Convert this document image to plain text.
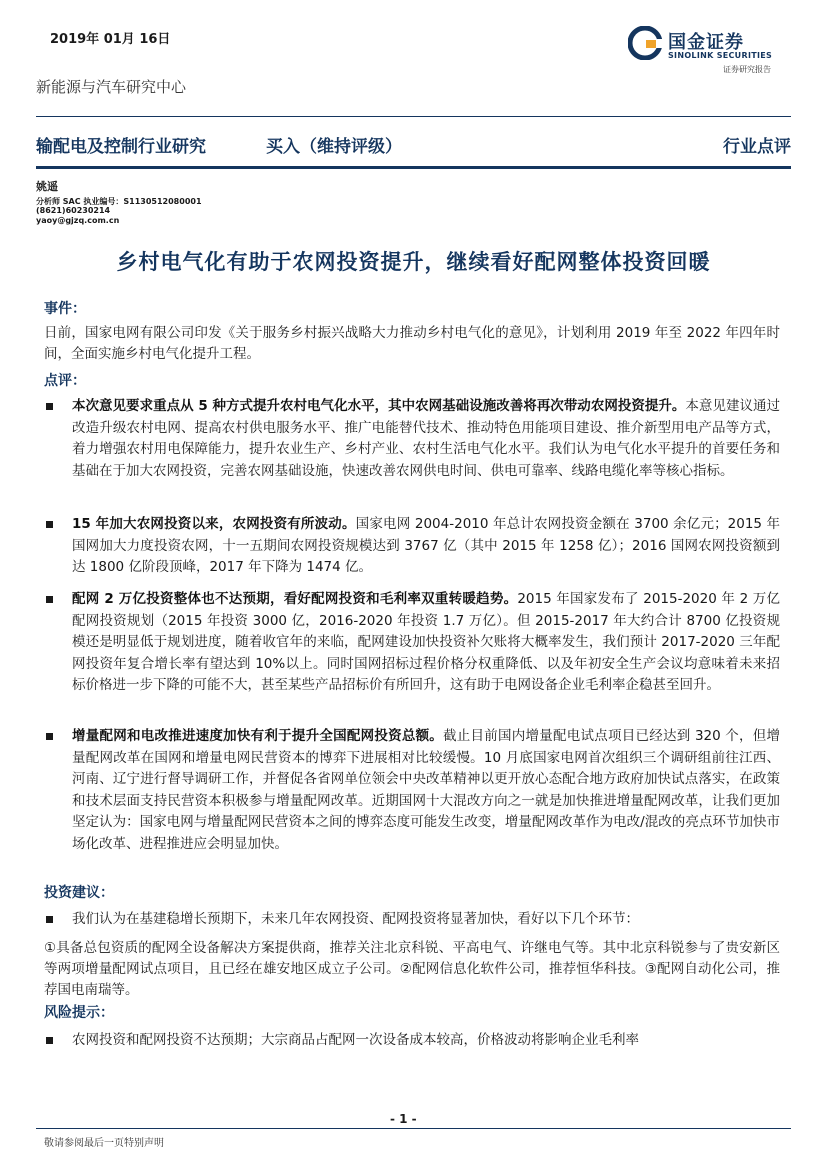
2019年 01月 16日	国金证券
SINOLINK SECURITIES
证券研究报告
新能源与汽车研究中心
输配电及控制行业研究	买入（维持评级）	行业点评
姚遥
分析师 SAC 执业编号：S1130512080001
(8621)60230214
yaoy@gjzq.com.cn
乡村电气化有助于农网投资提升，继续看好配网整体投资回暖
事件：
日前，国家电网有限公司印发《关于服务乡村振兴战略大力推动乡村电气化的意见》，计划利用 2019 年至 2022 年四年时间，全面实施乡村电气化提升工程。
点评：
本次意见要求重点从 5 种方式提升农村电气化水平，其中农网基础设施改善将再次带动农网投资提升。本意见建议通过改造升级农村电网、提高农村供电服务水平、推广电能替代技术、推动特色用能项目建设、推介新型用电产品等方式，着力增强农村用电保障能力，提升农业生产、乡村产业、农村生活电气化水平。我们认为电气化水平提升的首要任务和基础在于加大农网投资，完善农网基础设施，快速改善农网供电时间、供电可靠率、线路电缆化率等核心指标。
15 年加大农网投资以来，农网投资有所波动。国家电网 2004-2010 年总计农网投资金额在 3700 余亿元；2015 年国网加大力度投资农网，十一五期间农网投资规模达到 3767 亿（其中 2015 年 1258 亿）；2016 国网农网投资额到达 1800 亿阶段顶峰，2017 年下降为 1474 亿。
配网 2 万亿投资整体也不达预期，看好配网投资和毛利率双重转暖趋势。2015 年国家发布了 2015-2020 年 2 万亿配网投资规划（2015 年投资 3000 亿，2016-2020 年投资 1.7 万亿）。但 2015-2017 年大约合计 8700 亿投资规模还是明显低于规划进度，随着收官年的来临，配网建设加快投资补欠账将大概率发生，我们预计 2017-2020 三年配网投资年复合增长率有望达到 10%以上。同时国网招标过程价格分权重降低、以及年初安全生产会议均意味着未来招标价格进一步下降的可能不大，甚至某些产品招标价有所回升，这有助于电网设备企业毛利率企稳甚至回升。
增量配网和电改推进速度加快有利于提升全国配网投资总额。截止目前国内增量配电试点项目已经达到 320 个，但增量配网改革在国网和增量电网民营资本的博弈下进展相对比较缓慢。10 月底国家电网首次组织三个调研组前往江西、河南、辽宁进行督导调研工作，并督促各省网单位领会中央改革精神以更开放心态配合地方政府加快试点落实，在政策和技术层面支持民营资本积极参与增量配网改革。近期国网十大混改方向之一就是加快推进增量配网改革，让我们更加坚定认为：国家电网与增量配网民营资本之间的博弈态度可能发生改变，增量配网改革作为电改/混改的亮点环节加快市场化改革、进程推进应会明显加快。
投资建议：
我们认为在基建稳增长预期下，未来几年农网投资、配网投资将显著加快，看好以下几个环节：
①具备总包资质的配网全设备解决方案提供商，推荐关注北京科锐、平高电气、许继电气等。其中北京科锐参与了贵安新区等两项增量配网试点项目，且已经在雄安地区成立子公司。②配网信息化软件公司，推荐恒华科技。③配网自动化公司，推荐国电南瑞等。
风险提示：
农网投资和配网投资不达预期；大宗商品占配网一次设备成本较高，价格波动将影响企业毛利率
- 1 -
敬请参阅最后一页特别声明
